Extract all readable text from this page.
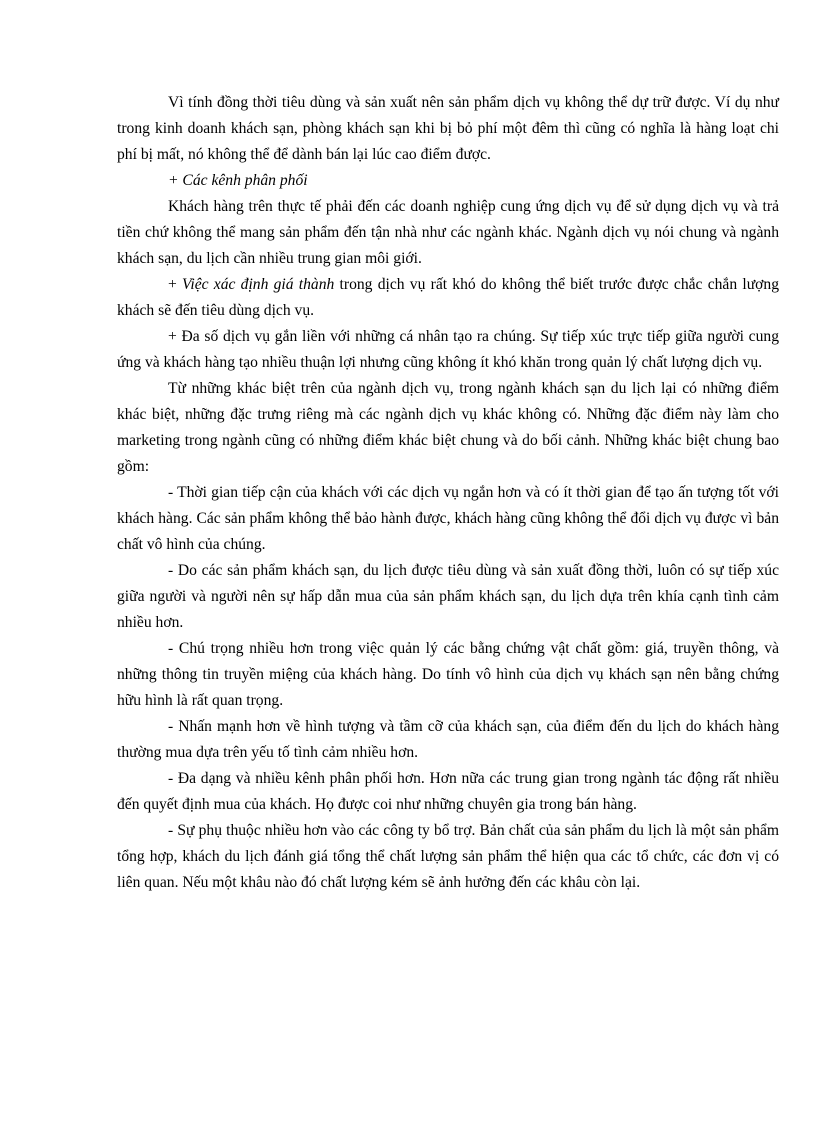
Vì tính đồng thời tiêu dùng và sản xuất nên sản phẩm dịch vụ không thể dự trữ được. Ví dụ như trong kinh doanh khách sạn, phòng khách sạn khi bị bỏ phí một đêm thì cũng có nghĩa là hàng loạt chi phí bị mất, nó không thể để dành bán lại lúc cao điểm được.

+ Các kênh phân phối

Khách hàng trên thực tế phải đến các doanh nghiệp cung ứng dịch vụ để sử dụng dịch vụ và trả tiền chứ không thể mang sản phẩm đến tận nhà như các ngành khác. Ngành dịch vụ nói chung và ngành khách sạn, du lịch cần nhiều trung gian môi giới.

+ Việc xác định giá thành trong dịch vụ rất khó do không thể biết trước được chắc chắn lượng khách sẽ đến tiêu dùng dịch vụ.

+ Đa số dịch vụ gắn liền với những cá nhân tạo ra chúng. Sự tiếp xúc trực tiếp giữa người cung ứng và khách hàng tạo nhiều thuận lợi nhưng cũng không ít khó khăn trong quản lý chất lượng dịch vụ.

Từ những khác biệt trên của ngành dịch vụ, trong ngành khách sạn du lịch lại có những điểm khác biệt, những đặc trưng riêng mà các ngành dịch vụ khác không có. Những đặc điểm này làm cho marketing trong ngành cũng có những điểm khác biệt chung và do bối cảnh. Những khác biệt chung bao gồm:

- Thời gian tiếp cận của khách với các dịch vụ ngắn hơn và có ít thời gian để tạo ấn tượng tốt với khách hàng. Các sản phẩm không thể bảo hành được, khách hàng cũng không thể đổi dịch vụ được vì bản chất vô hình của chúng.

- Do các sản phẩm khách sạn, du lịch được tiêu dùng và sản xuất đồng thời, luôn có sự tiếp xúc giữa người và người nên sự hấp dẫn mua của sản phẩm khách sạn, du lịch dựa trên khía cạnh tình cảm nhiều hơn.

- Chú trọng nhiều hơn trong việc quản lý các bằng chứng vật chất gồm: giá, truyền thông, và những thông tin truyền miệng của khách hàng. Do tính vô hình của dịch vụ khách sạn nên bằng chứng hữu hình là rất quan trọng.

- Nhấn mạnh hơn về hình tượng và tầm cỡ của khách sạn, của điểm đến du lịch do khách hàng thường mua dựa trên yếu tố tình cảm nhiều hơn.

- Đa dạng và nhiều kênh phân phối hơn. Hơn nữa các trung gian trong ngành tác động rất nhiều đến quyết định mua của khách. Họ được coi như những chuyên gia trong bán hàng.

- Sự phụ thuộc nhiều hơn vào các công ty bổ trợ. Bản chất của sản phẩm du lịch là một sản phẩm tổng hợp, khách du lịch đánh giá tổng thể chất lượng sản phẩm thể hiện qua các tổ chức, các đơn vị có liên quan. Nếu một khâu nào đó chất lượng kém sẽ ảnh hưởng đến các khâu còn lại.
